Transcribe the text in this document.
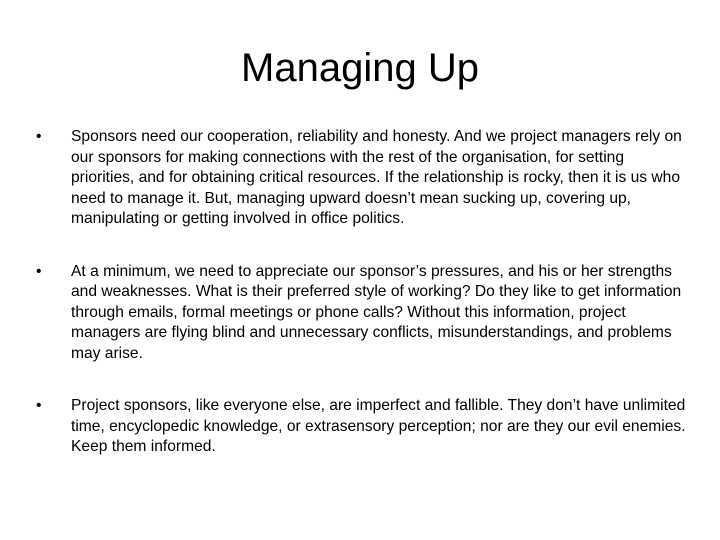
Managing Up
•	Sponsors need our cooperation, reliability and honesty. And we project managers rely on our sponsors for making connections with the rest of the organisation, for setting priorities, and for obtaining critical resources. If the relationship is rocky, then it is us who need to manage it. But, managing upward doesn’t mean sucking up, covering up, manipulating or getting involved in office politics.
•	At a minimum, we need to appreciate our sponsor’s pressures, and his or her strengths and weaknesses. What is their preferred style of working? Do they like to get information through emails, formal meetings or phone calls? Without this information, project managers are flying blind and unnecessary conflicts, misunderstandings, and problems may arise.
•	Project sponsors, like everyone else, are imperfect and fallible. They don’t have unlimited time, encyclopedic knowledge, or extrasensory perception; nor are they our evil enemies. Keep them informed.
